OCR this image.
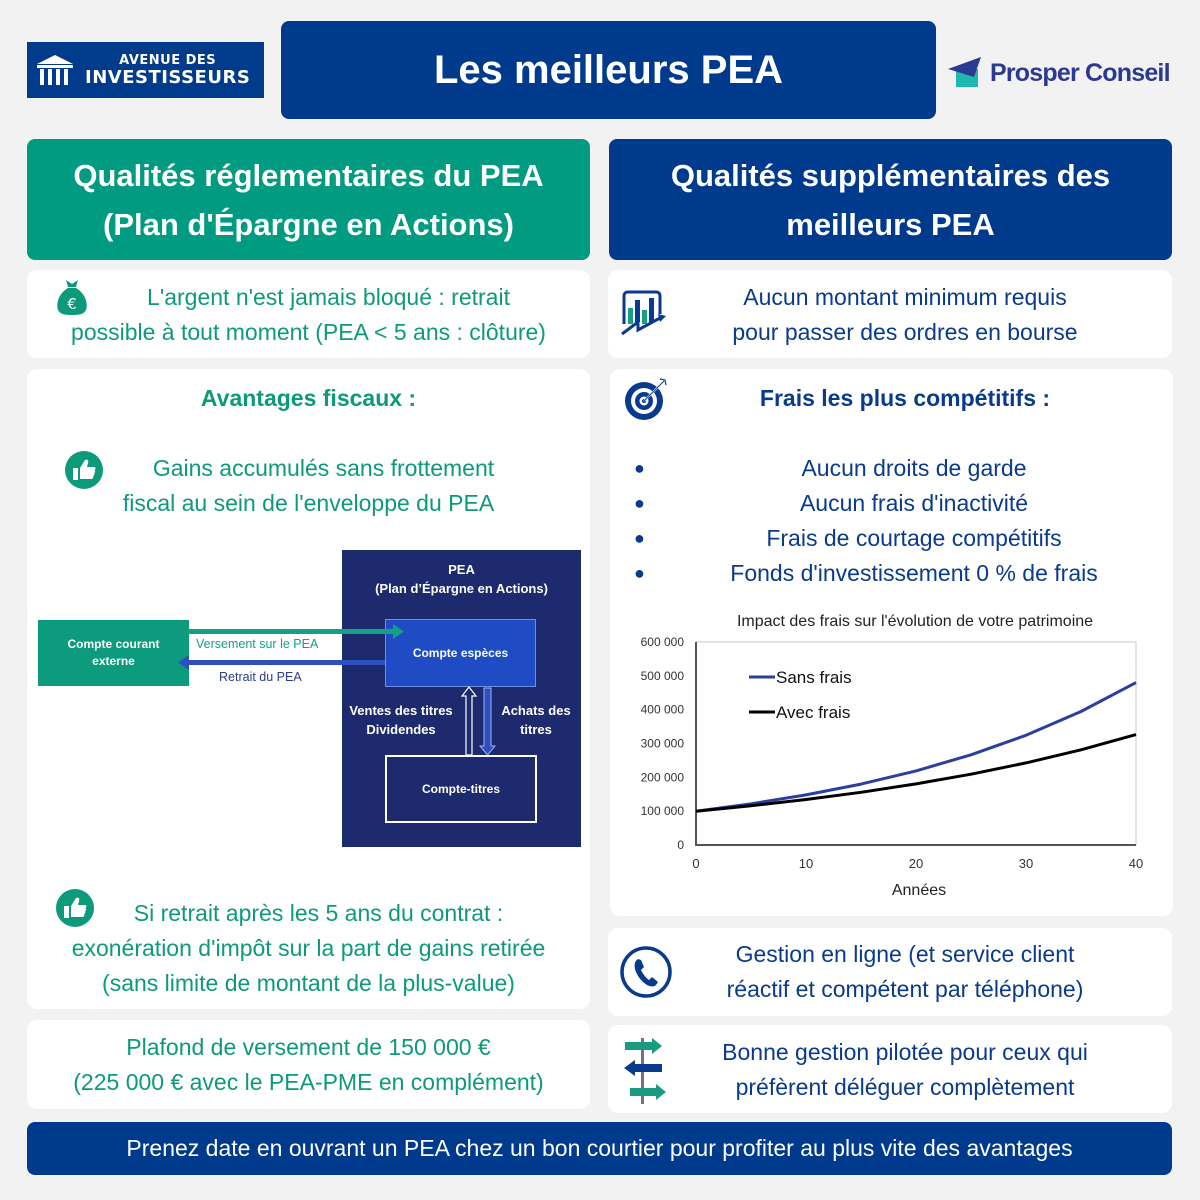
AVENUE DES
INVESTISSEURS	Les meilleurs PEA	Prosper Conseil
Qualités réglementaires du PEA (Plan d'Épargne en Actions)
Qualités supplémentaires des meilleurs PEA
€	L'argent n'est jamais bloqué : retrait
possible à tout moment (PEA < 5 ans : clôture)
Avantages fiscaux :
Gains accumulés sans frottement
fiscal au sein de l'enveloppe du PEA
Si retrait après les 5 ans du contrat :
exonération d'impôt sur la part de gains retirée
(sans limite de montant de la plus-value)
PEA
(Plan d’Épargne en Actions)
Compte courant
externe
Compte espèces
Compte-titres
Versement sur le PEA
Retrait du PEA
Ventes des titres
Dividendes
Achats des
titres
Plafond de versement de 150 000 €
(225 000 € avec le PEA-PME en complément)
Aucun montant minimum requis
pour passer des ordres en bourse
Frais les plus compétitifs :
●	Aucun droits de garde
●	Aucun frais d'inactivité
●	Frais de courtage compétitifs
●	Fonds d'investissement 0 % de frais
Impact des frais sur l'évolution de votre patrimoine
0
100 000
200 000
300 000
400 000
500 000
600 000
0	10	20	30	40
Sans frais
Avec frais
Années
Gestion en ligne (et service client
réactif et compétent par téléphone)
Bonne gestion pilotée pour ceux qui
préfèrent déléguer complètement
Prenez date en ouvrant un PEA chez un bon courtier pour profiter au plus vite des avantages
